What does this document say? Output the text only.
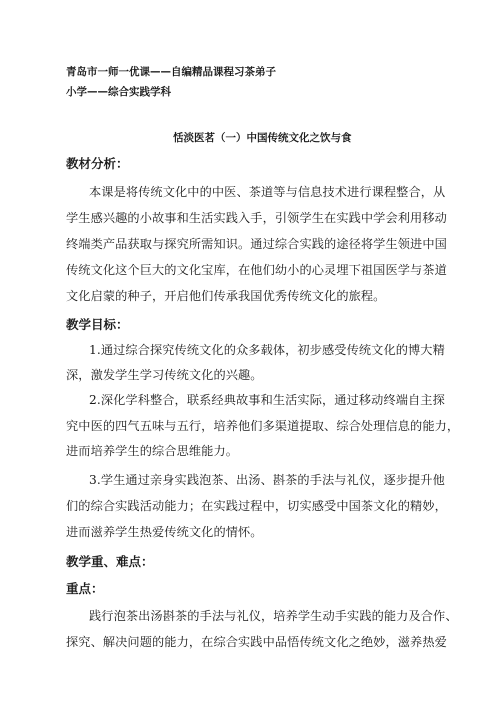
青岛市一师一优课——自编精品课程习茶弟子
小学——综合实践学科
恬淡医茗（一）中国传统文化之饮与食
教材分析：
本课是将传统文化中的中医、茶道等与信息技术进行课程整合，从
学生感兴趣的小故事和生活实践入手，引领学生在实践中学会利用移动
终端类产品获取与探究所需知识。通过综合实践的途径将学生领进中国
传统文化这个巨大的文化宝库，在他们幼小的心灵埋下祖国医学与茶道
文化启蒙的种子，开启他们传承我国优秀传统文化的旅程。
教学目标：
1.通过综合探究传统文化的众多载体，初步感受传统文化的博大精
深，激发学生学习传统文化的兴趣。
2.深化学科整合，联系经典故事和生活实际，通过移动终端自主探
究中医的四气五味与五行，培养他们多渠道提取、综合处理信息的能力，
进而培养学生的综合思维能力。
3.学生通过亲身实践泡茶、出汤、斟茶的手法与礼仪，逐步提升他
们的综合实践活动能力；在实践过程中，切实感受中国茶文化的精妙，
进而滋养学生热爱传统文化的情怀。
教学重、难点：
重点：
践行泡茶出汤斟茶的手法与礼仪，培养学生动手实践的能力及合作、
探究、解决问题的能力，在综合实践中品悟传统文化之绝妙，滋养热爱
